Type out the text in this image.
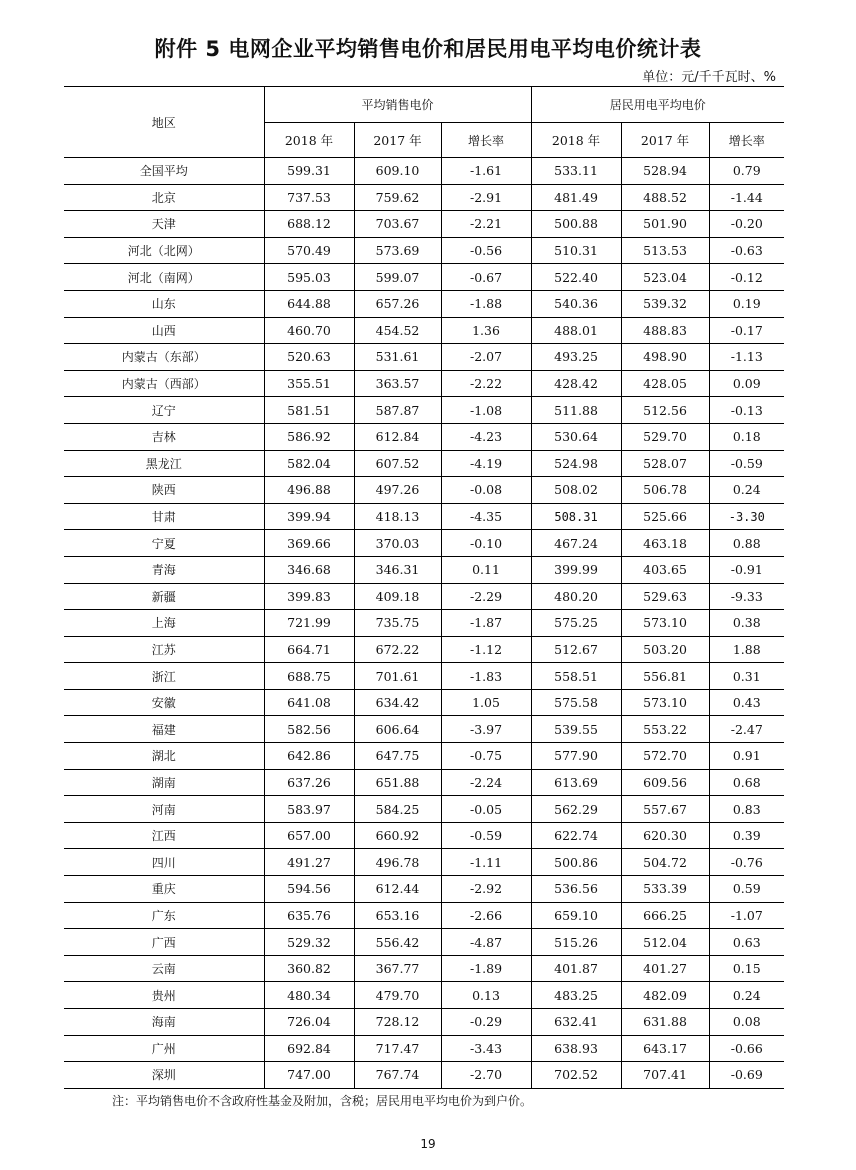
附件 5 电网企业平均销售电价和居民用电平均电价统计表
单位：元/千千瓦时、%
地区	平均销售电价			居民用电平均电价		
	2018 年	2017 年	增长率	2018 年	2017 年	增长率
全国平均	599.31	609.10	-1.61	533.11	528.94	0.79
北京	737.53	759.62	-2.91	481.49	488.52	-1.44
天津	688.12	703.67	-2.21	500.88	501.90	-0.20
河北（北网）	570.49	573.69	-0.56	510.31	513.53	-0.63
河北（南网）	595.03	599.07	-0.67	522.40	523.04	-0.12
山东	644.88	657.26	-1.88	540.36	539.32	0.19
山西	460.70	454.52	1.36	488.01	488.83	-0.17
内蒙古（东部）	520.63	531.61	-2.07	493.25	498.90	-1.13
内蒙古（西部）	355.51	363.57	-2.22	428.42	428.05	0.09
辽宁	581.51	587.87	-1.08	511.88	512.56	-0.13
吉林	586.92	612.84	-4.23	530.64	529.70	0.18
黑龙江	582.04	607.52	-4.19	524.98	528.07	-0.59
陕西	496.88	497.26	-0.08	508.02	506.78	0.24
甘肃	399.94	418.13	-4.35	508.31	525.66	-3.30
宁夏	369.66	370.03	-0.10	467.24	463.18	0.88
青海	346.68	346.31	0.11	399.99	403.65	-0.91
新疆	399.83	409.18	-2.29	480.20	529.63	-9.33
上海	721.99	735.75	-1.87	575.25	573.10	0.38
江苏	664.71	672.22	-1.12	512.67	503.20	1.88
浙江	688.75	701.61	-1.83	558.51	556.81	0.31
安徽	641.08	634.42	1.05	575.58	573.10	0.43
福建	582.56	606.64	-3.97	539.55	553.22	-2.47
湖北	642.86	647.75	-0.75	577.90	572.70	0.91
湖南	637.26	651.88	-2.24	613.69	609.56	0.68
河南	583.97	584.25	-0.05	562.29	557.67	0.83
江西	657.00	660.92	-0.59	622.74	620.30	0.39
四川	491.27	496.78	-1.11	500.86	504.72	-0.76
重庆	594.56	612.44	-2.92	536.56	533.39	0.59
广东	635.76	653.16	-2.66	659.10	666.25	-1.07
广西	529.32	556.42	-4.87	515.26	512.04	0.63
云南	360.82	367.77	-1.89	401.87	401.27	0.15
贵州	480.34	479.70	0.13	483.25	482.09	0.24
海南	726.04	728.12	-0.29	632.41	631.88	0.08
广州	692.84	717.47	-3.43	638.93	643.17	-0.66
深圳	747.00	767.74	-2.70	702.52	707.41	-0.69
注：平均销售电价不含政府性基金及附加，含税；居民用电平均电价为到户价。
19
